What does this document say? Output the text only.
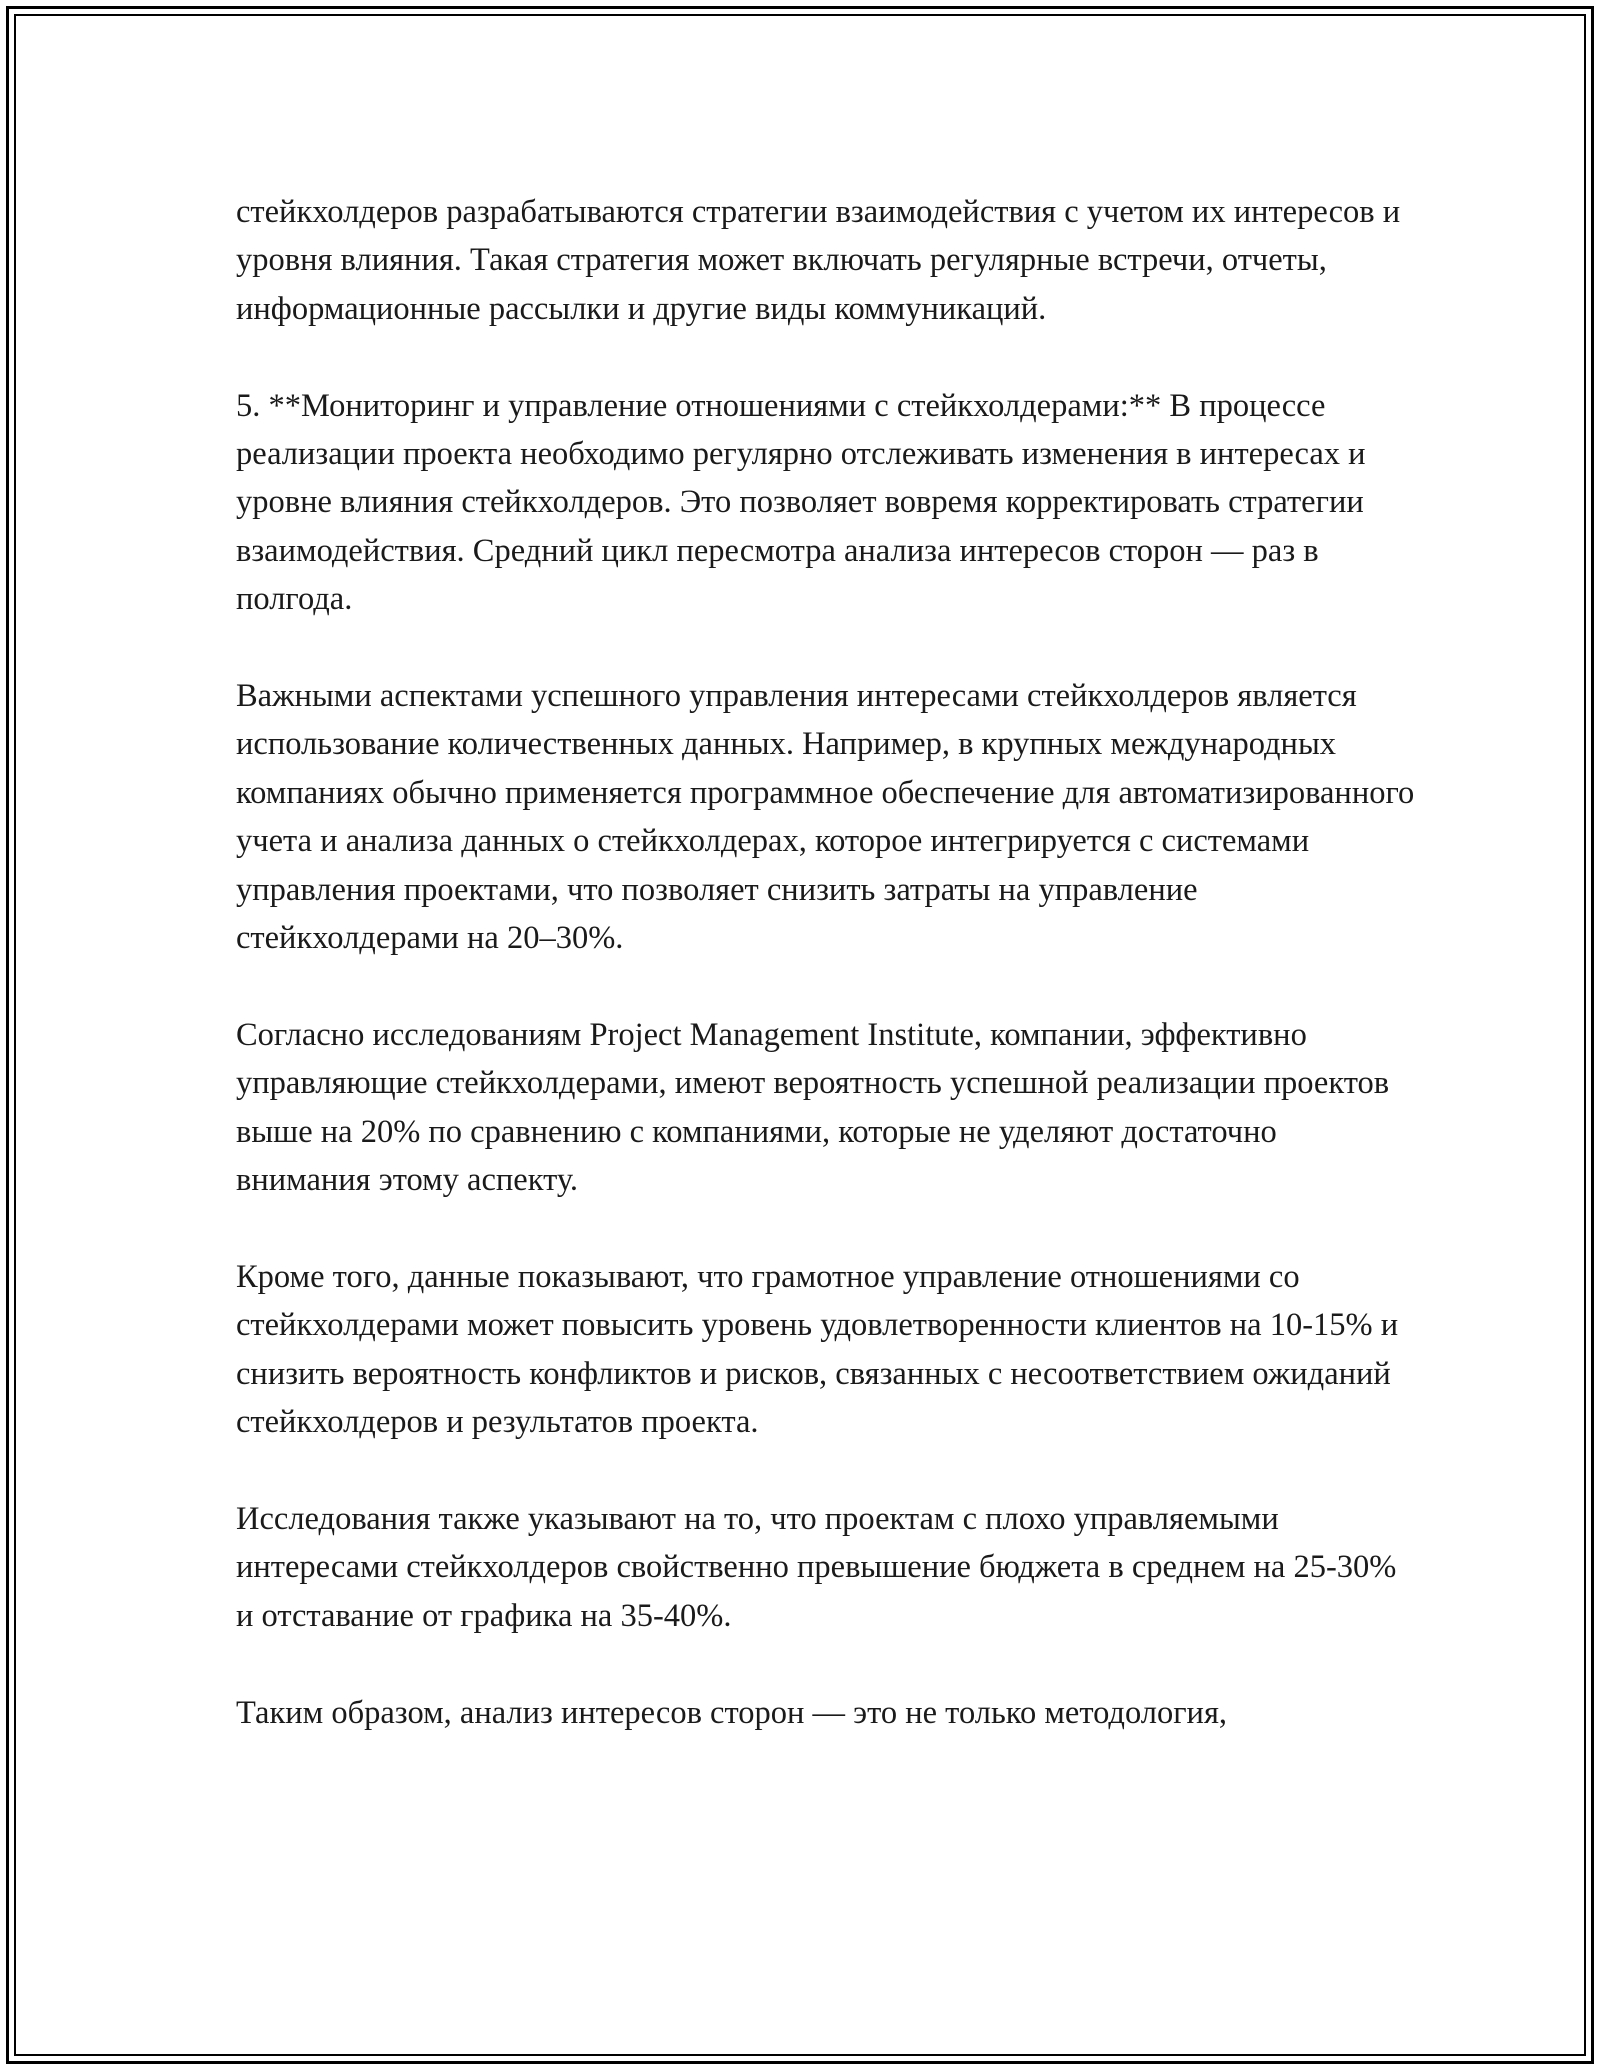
стейкхолдеров разрабатываются стратегии взаимодействия с учетом их интересов и уровня влияния. Такая стратегия может включать регулярные встречи, отчеты, информационные рассылки и другие виды коммуникаций.

5. **Мониторинг и управление отношениями с стейкхолдерами:** В процессе реализации проекта необходимо регулярно отслеживать изменения в интересах и уровне влияния стейкхолдеров. Это позволяет вовремя корректировать стратегии взаимодействия. Средний цикл пересмотра анализа интересов сторон — раз в полгода.

Важными аспектами успешного управления интересами стейкхолдеров является использование количественных данных. Например, в крупных международных компаниях обычно применяется программное обеспечение для автоматизированного учета и анализа данных о стейкхолдерах, которое интегрируется с системами управления проектами, что позволяет снизить затраты на управление стейкхолдерами на 20–30%.

Согласно исследованиям Project Management Institute, компании, эффективно управляющие стейкхолдерами, имеют вероятность успешной реализации проектов выше на 20% по сравнению с компаниями, которые не уделяют достаточно внимания этому аспекту.

Кроме того, данные показывают, что грамотное управление отношениями со стейкхолдерами может повысить уровень удовлетворенности клиентов на 10-15% и снизить вероятность конфликтов и рисков, связанных с несоответствием ожиданий стейкхолдеров и результатов проекта.

Исследования также указывают на то, что проектам с плохо управляемыми интересами стейкхолдеров свойственно превышение бюджета в среднем на 25-30% и отставание от графика на 35-40%.

Таким образом, анализ интересов сторон — это не только методология,
